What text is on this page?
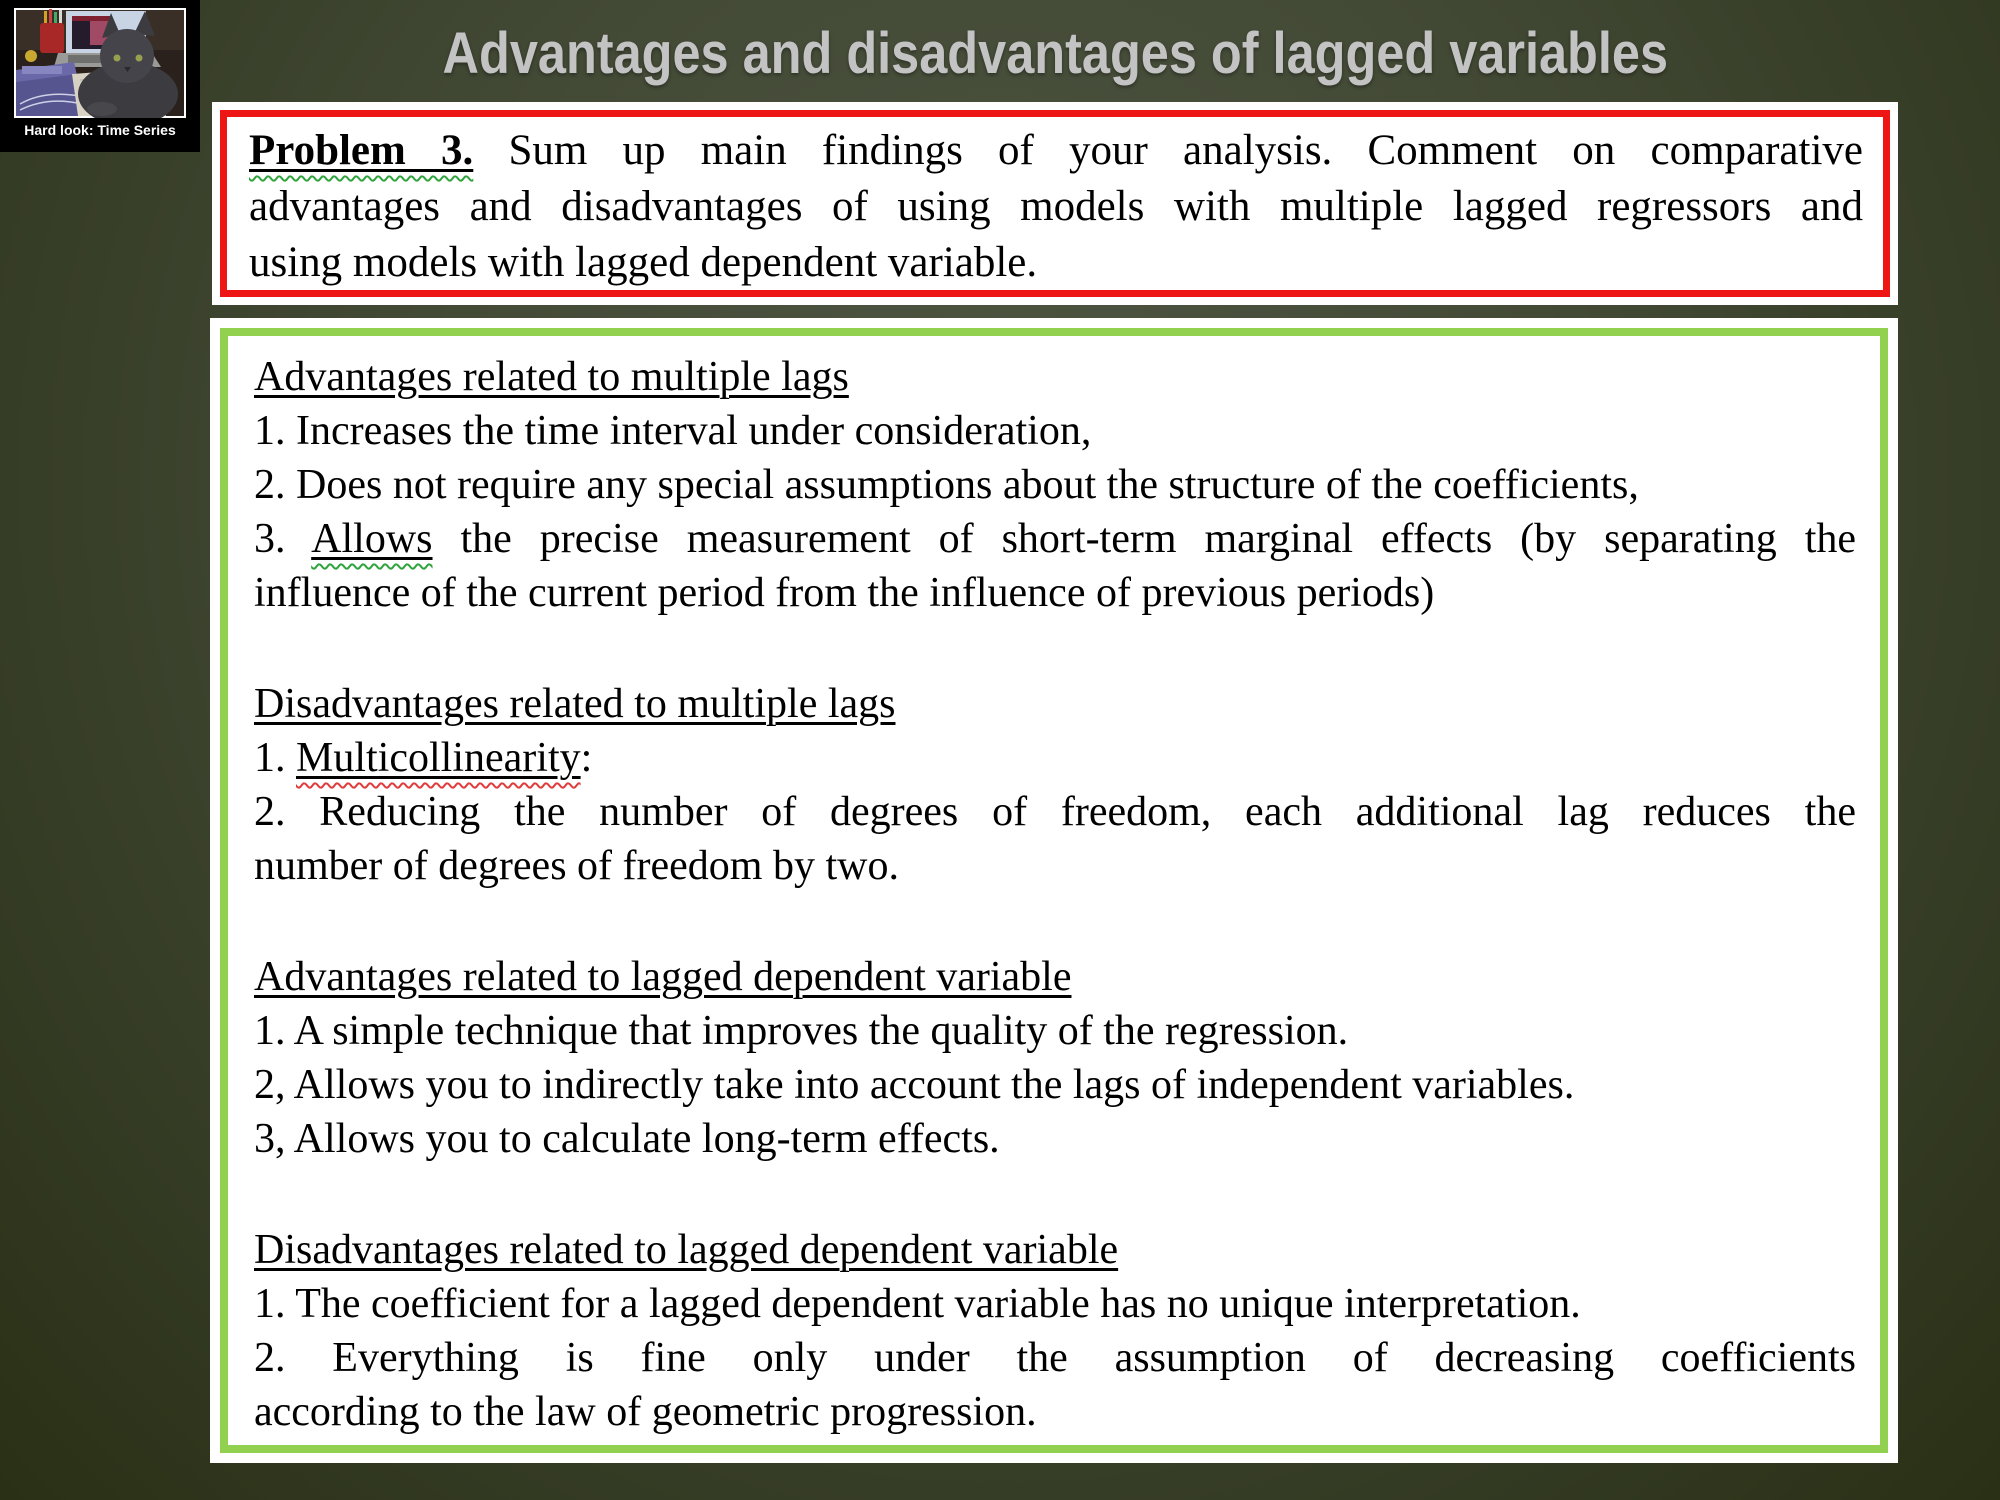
Advantages and disadvantages of lagged variables
Hard look: Time Series	Problem 3. Sum up main findings of your analysis. Comment on comparative
advantages and disadvantages of using models with multiple lagged regressors and
using models with lagged dependent variable.
Advantages related to multiple lags
1. Increases the time interval under consideration,
2. Does not require any special assumptions about the structure of the coefficients,
3. Allows the precise measurement of short-term marginal effects (by separating the
influence of the current period from the influence of previous periods)
Disadvantages related to multiple lags
1. Multicollinearity:
2. Reducing the number of degrees of freedom, each additional lag reduces the
number of degrees of freedom by two.
Advantages related to lagged dependent variable
1. A simple technique that improves the quality of the regression.
2, Allows you to indirectly take into account the lags of independent variables.
3, Allows you to calculate long-term effects.
Disadvantages related to lagged dependent variable
1. The coefficient for a lagged dependent variable has no unique interpretation.
2. Everything is fine only under the assumption of decreasing coefficients
according to the law of geometric progression.
